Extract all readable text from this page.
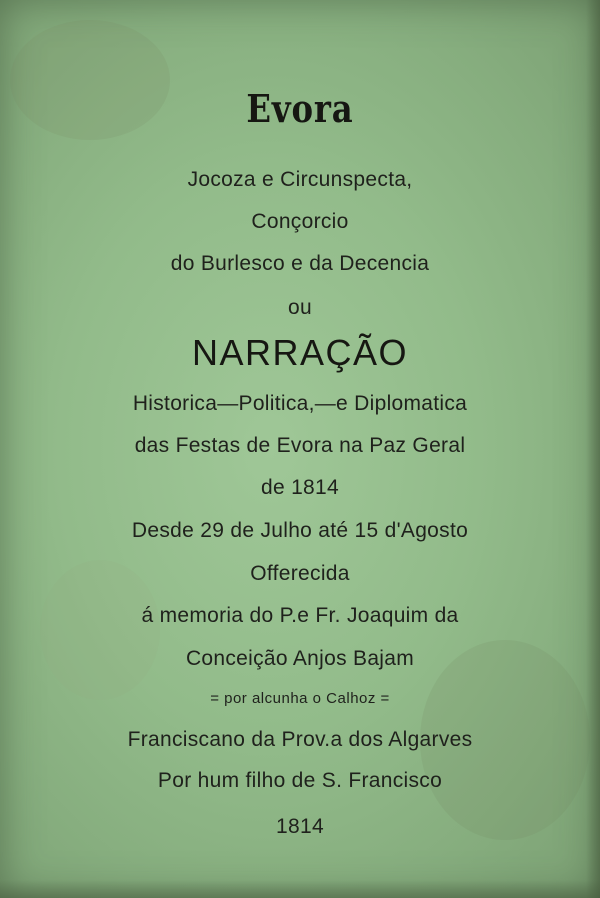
Evora
Jocoza e Circunspecta,
Conçorcio
do Burlesco e da Decencia
ou
NARRAÇÃO
Historica—Politica,—e Diplomatica
das Festas de Evora na Paz Geral
de 1814
Desde 29 de Julho até 15 d'Agosto
Offerecida
á memoria do P.e Fr. Joaquim da
Conceição Anjos Bajam
= por alcunha o Calhoz =
Franciscano da Prov.a dos Algarves
Por hum filho de S. Francisco
1814
